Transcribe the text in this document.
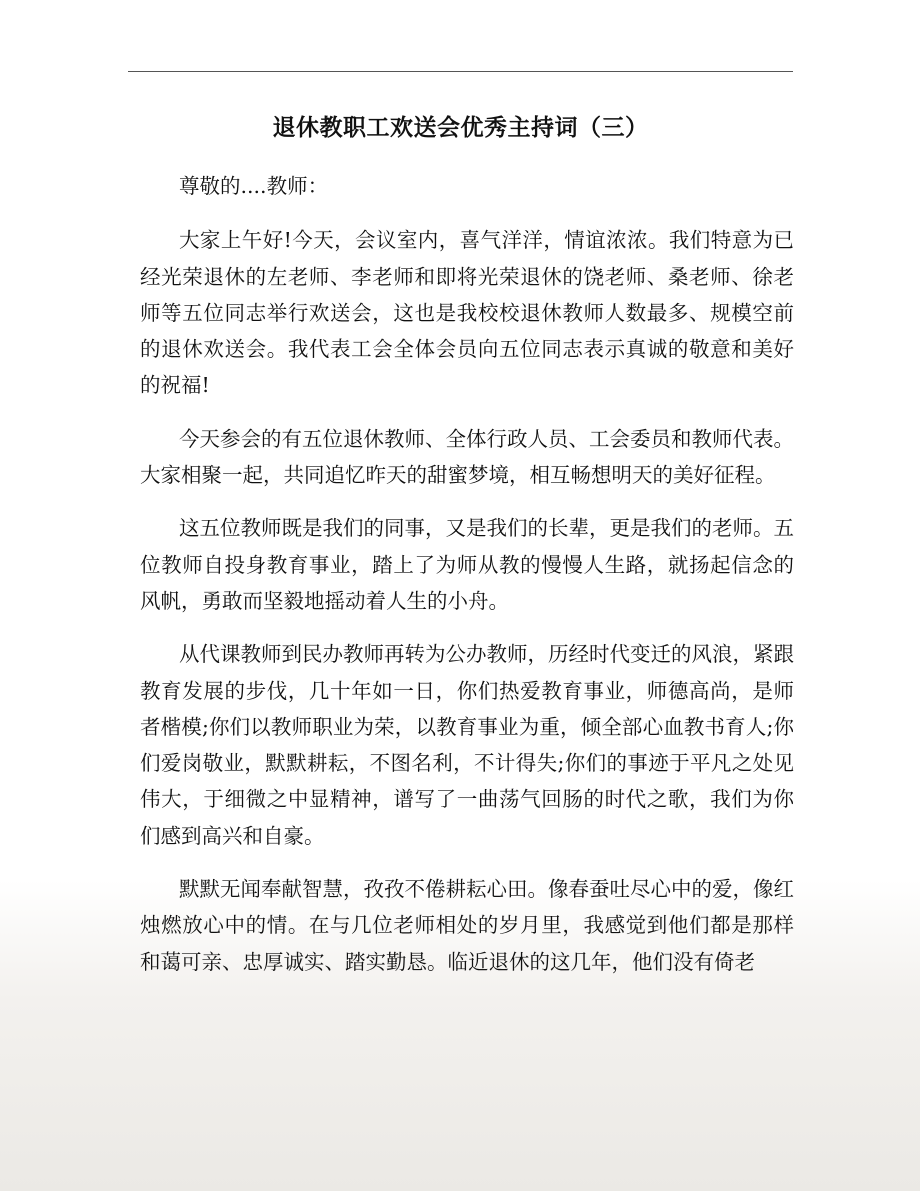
退休教职工欢送会优秀主持词（三）

尊敬的....教师：

大家上午好!今天，会议室内，喜气洋洋，情谊浓浓。我们特意为已经光荣退休的左老师、李老师和即将光荣退休的饶老师、桑老师、徐老师等五位同志举行欢送会，这也是我校校退休教师人数最多、规模空前的退休欢送会。我代表工会全体会员向五位同志表示真诚的敬意和美好的祝福!

今天参会的有五位退休教师、全体行政人员、工会委员和教师代表。大家相聚一起，共同追忆昨天的甜蜜梦境，相互畅想明天的美好征程。

这五位教师既是我们的同事，又是我们的长辈，更是我们的老师。五位教师自投身教育事业，踏上了为师从教的慢慢人生路，就扬起信念的风帆，勇敢而坚毅地摇动着人生的小舟。

从代课教师到民办教师再转为公办教师，历经时代变迁的风浪，紧跟教育发展的步伐，几十年如一日，你们热爱教育事业，师德高尚，是师者楷模;你们以教师职业为荣，以教育事业为重，倾全部心血教书育人;你们爱岗敬业，默默耕耘，不图名利，不计得失;你们的事迹于平凡之处见伟大，于细微之中显精神，谱写了一曲荡气回肠的时代之歌，我们为你们感到高兴和自豪。

默默无闻奉献智慧，孜孜不倦耕耘心田。像春蚕吐尽心中的爱，像红烛燃放心中的情。在与几位老师相处的岁月里，我感觉到他们都是那样和蔼可亲、忠厚诚实、踏实勤恳。临近退休的这几年，他们没有倚老
